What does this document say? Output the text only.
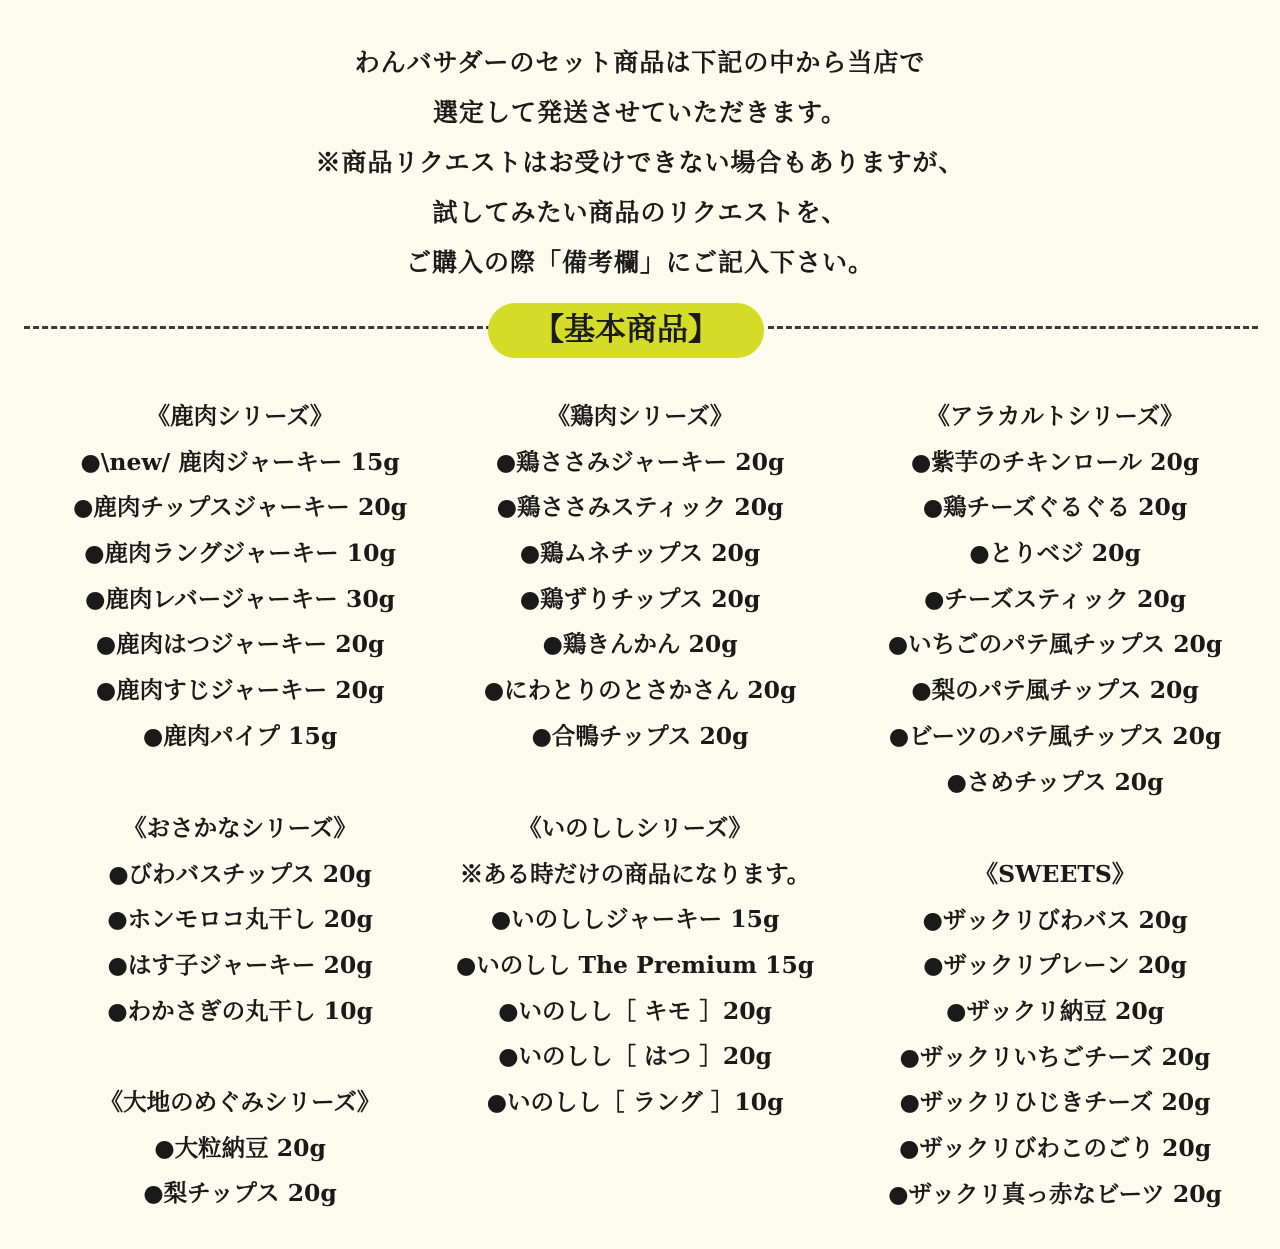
わんバサダーのセット商品は下記の中から当店で
選定して発送させていただきます。
※商品リクエストはお受けできない場合もありますが、
試してみたい商品のリクエストを、
ご購入の際「備考欄」にご記入下さい。
【基本商品】
《鹿肉シリーズ》
●\new/ 鹿肉ジャーキー 15g
●鹿肉チップスジャーキー 20g
●鹿肉ラングジャーキー 10g
●鹿肉レバージャーキー 30g
●鹿肉はつジャーキー 20g
●鹿肉すじジャーキー 20g
●鹿肉パイプ 15g
《鶏肉シリーズ》
●鶏ささみジャーキー 20g
●鶏ささみスティック 20g
●鶏ムネチップス 20g
●鶏ずりチップス 20g
●鶏きんかん 20g
●にわとりのとさかさん 20g
●合鴨チップス 20g
《アラカルトシリーズ》
●紫芋のチキンロール 20g
●鶏チーズぐるぐる 20g
●とりベジ 20g
●チーズスティック 20g
●いちごのパテ風チップス 20g
●梨のパテ風チップス 20g
●ビーツのパテ風チップス 20g
●さめチップス 20g
《おさかなシリーズ》
●びわバスチップス 20g
●ホンモロコ丸干し 20g
●はす子ジャーキー 20g
●わかさぎの丸干し 10g
《いのししシリーズ》
※ある時だけの商品になります。
●いのししジャーキー 15g
●いのしし The Premium 15g
●いのしし［ キモ ］20g
●いのしし［ はつ ］20g
●いのしし［ ラング ］10g
《SWEETS》
●ザックリびわバス 20g
●ザックリプレーン 20g
●ザックリ納豆 20g
●ザックリいちごチーズ 20g
●ザックリひじきチーズ 20g
●ザックリびわこのごり 20g
●ザックリ真っ赤なビーツ 20g
《大地のめぐみシリーズ》
●大粒納豆 20g
●梨チップス 20g
